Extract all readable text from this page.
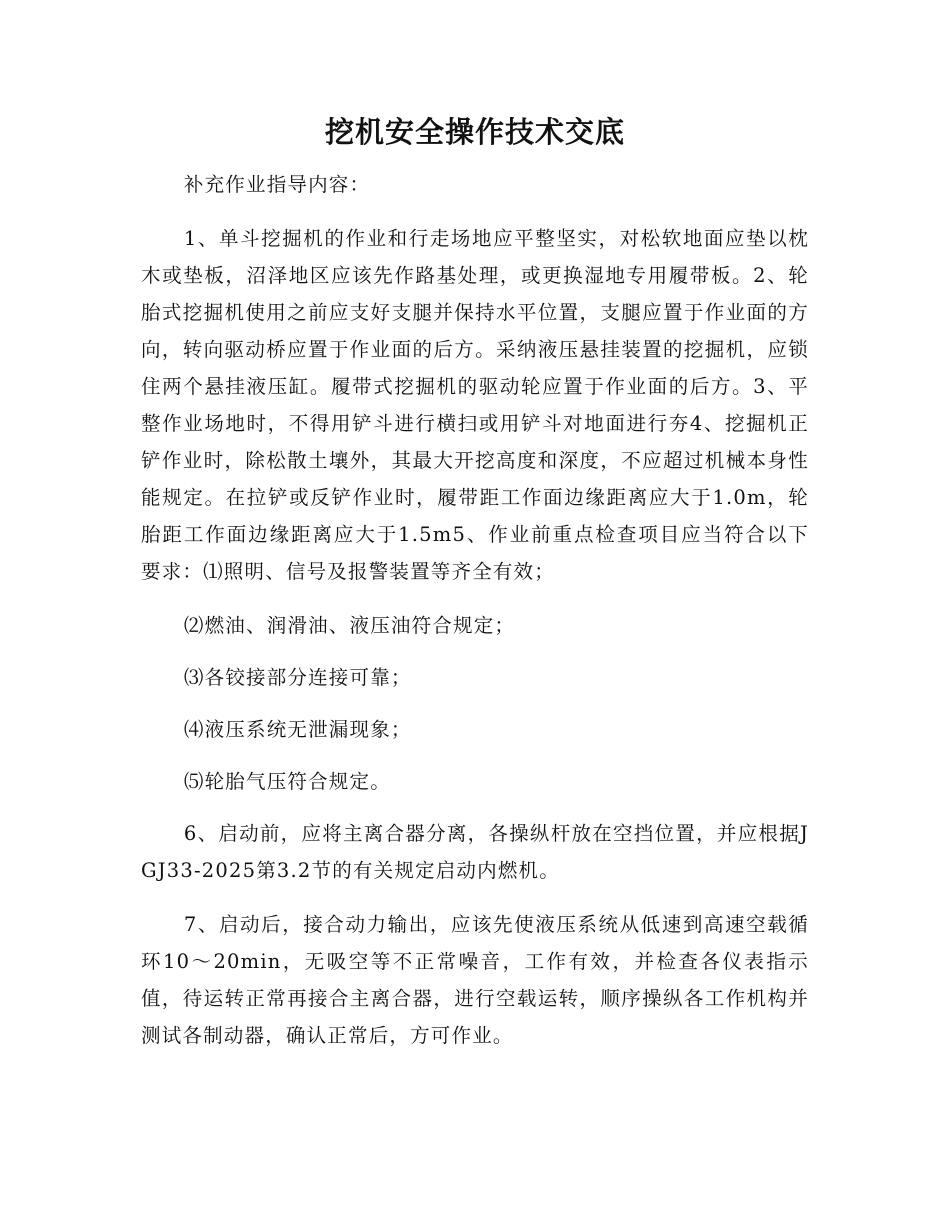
挖机安全操作技术交底

补充作业指导内容：

1、单斗挖掘机的作业和行走场地应平整坚实，对松软地面应垫以枕木或垫板，沼泽地区应该先作路基处理，或更换湿地专用履带板。2、轮胎式挖掘机使用之前应支好支腿并保持水平位置，支腿应置于作业面的方向，转向驱动桥应置于作业面的后方。采纳液压悬挂装置的挖掘机，应锁住两个悬挂液压缸。履带式挖掘机的驱动轮应置于作业面的后方。3、平整作业场地时，不得用铲斗进行横扫或用铲斗对地面进行夯4、挖掘机正铲作业时，除松散土壤外，其最大开挖高度和深度，不应超过机械本身性能规定。在拉铲或反铲作业时，履带距工作面边缘距离应大于1.0m，轮胎距工作面边缘距离应大于1.5m5、作业前重点检查项目应当符合以下要求：⑴照明、信号及报警装置等齐全有效；

⑵燃油、润滑油、液压油符合规定；

⑶各铰接部分连接可靠；

⑷液压系统无泄漏现象；

⑸轮胎气压符合规定。

6、启动前，应将主离合器分离，各操纵杆放在空挡位置，并应根据JGJ33-2025第3.2节的有关规定启动内燃机。

7、启动后，接合动力输出，应该先使液压系统从低速到高速空载循环10～20min，无吸空等不正常噪音，工作有效，并检查各仪表指示值，待运转正常再接合主离合器，进行空载运转，顺序操纵各工作机构并测试各制动器，确认正常后，方可作业。
